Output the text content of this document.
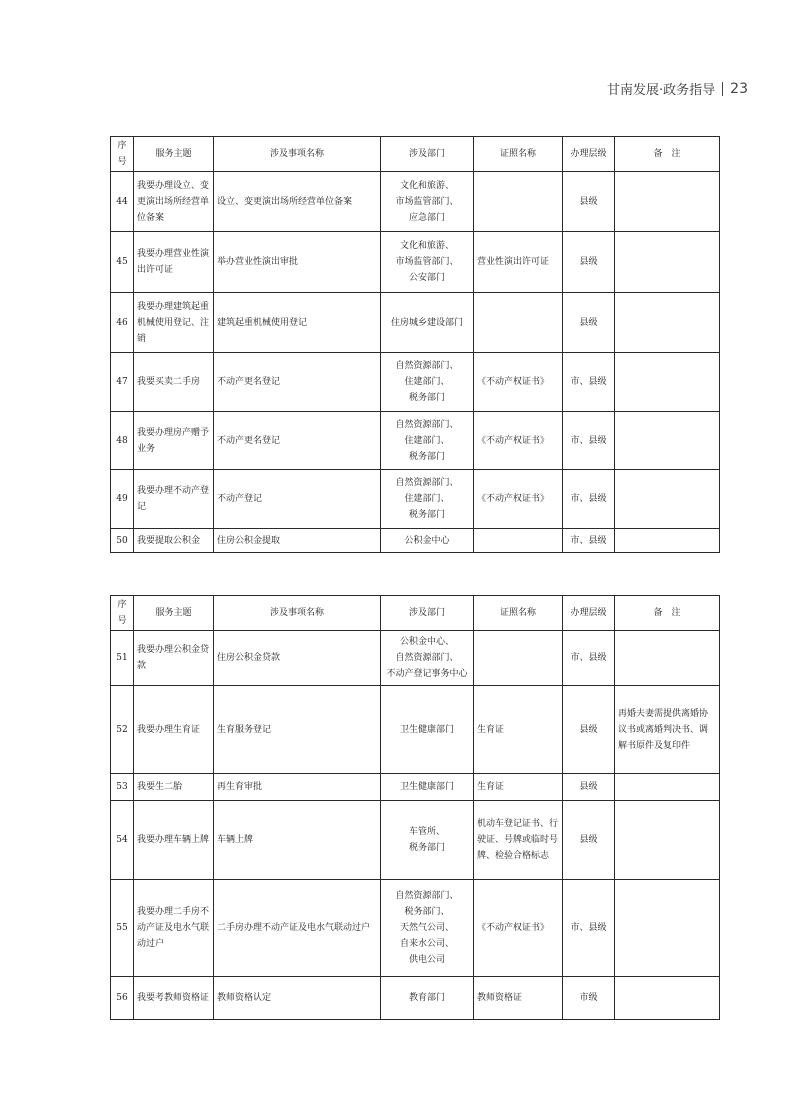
甘南发展·政务指导 23
序号	服务主题	涉及事项名称	涉及部门	证照名称	办理层级	备　注
44	我要办理设立、变更演出场所经营单位备案	设立、变更演出场所经营单位备案	文化和旅游、
市场监管部门、
应急部门		县级	
45	我要办理营业性演出许可证	举办营业性演出审批	文化和旅游、
市场监管部门、
公安部门	营业性演出许可证	县级	
46	我要办理建筑起重机械使用登记、注销	建筑起重机械使用登记	住房城乡建设部门		县级	
47	我要买卖二手房	不动产更名登记	自然资源部门、
住建部门、
税务部门	《不动产权证书》	市、县级	
48	我要办理房产赠予业务	不动产更名登记	自然资源部门、
住建部门、
税务部门	《不动产权证书》	市、县级	
49	我要办理不动产登记	不动产登记	自然资源部门、
住建部门、
税务部门	《不动产权证书》	市、县级	
50	我要提取公积金	住房公积金提取	公积金中心		市、县级	
序号	服务主题	涉及事项名称	涉及部门	证照名称	办理层级	备　注
51	我要办理公积金贷款	住房公积金贷款	公积金中心、
自然资源部门、
不动产登记事务中心		市、县级	
52	我要办理生育证	生育服务登记	卫生健康部门	生育证	县级	再婚夫妻需提供离婚协议书或离婚判决书、调解书原件及复印件
53	我要生二胎	再生育审批	卫生健康部门	生育证	县级	
54	我要办理车辆上牌	车辆上牌	车管所、
税务部门	机动车登记证书、行驶证、号牌或临时号牌、检验合格标志	县级	
55	我要办理二手房不动产证及电水气联动过户	二手房办理不动产证及电水气联动过户	自然资源部门、
税务部门、
天然气公司、
自来水公司、
供电公司	《不动产权证书》	市、县级	
56	我要考教师资格证	教师资格认定	教育部门	教师资格证	市级	
